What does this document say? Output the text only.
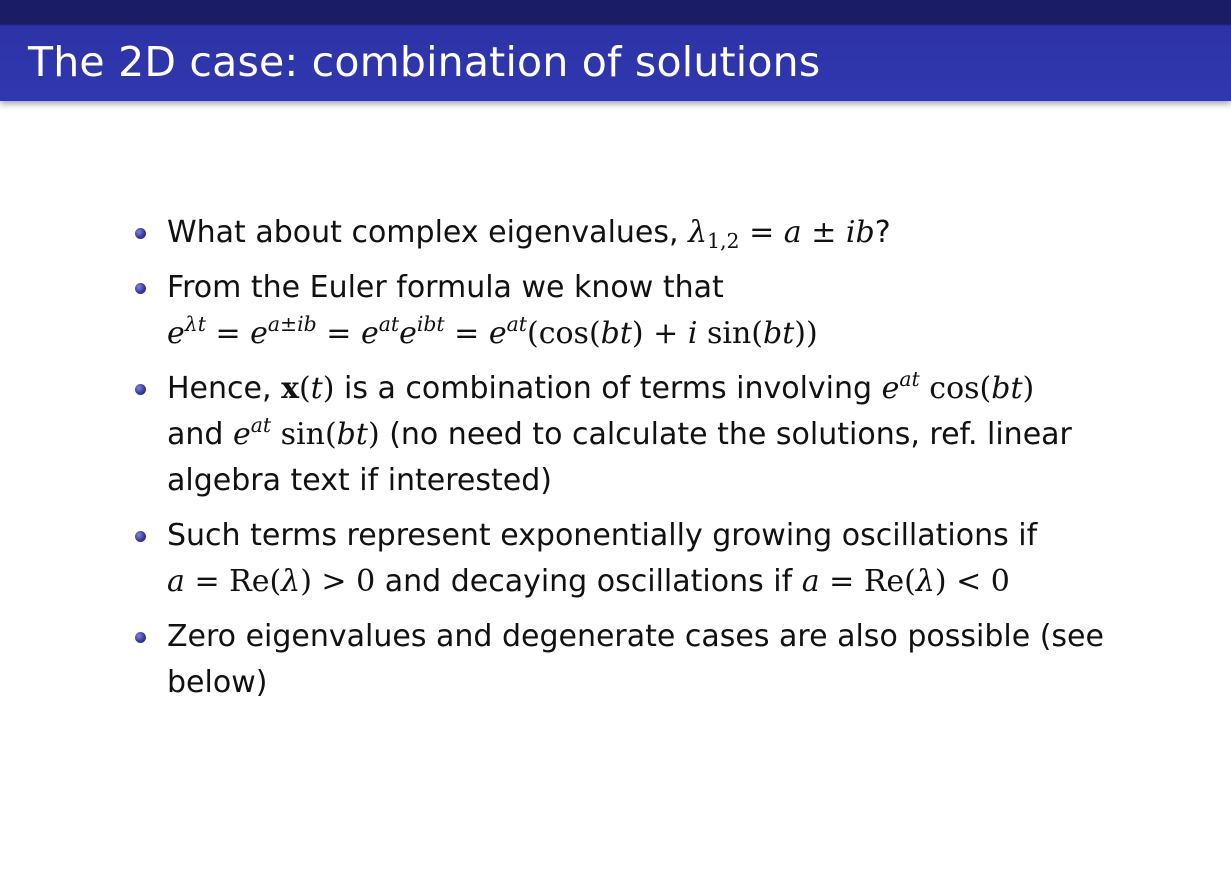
The 2D case: combination of solutions
What about complex eigenvalues, $\lambda_{1,2} = a$ ± ib?
From the Euler formula we know that
$e^{\lambda t} = e^{a\pm ib} = e^{at}e^{ibt} = e^{at}(\cos(bt) + i$ sin(bt))
Hence, x(t) is a combination of terms involving $e^{at}$ cos(bt)
and $e^{at}$ sin(bt) (no need to calculate the solutions, ref. linear
algebra text if interested)
Such terms represent exponentially growing oscillations if
a = Re(λ) > 0 and decaying oscillations if a = Re(λ) < 0
Zero eigenvalues and degenerate cases are also possible (see
below)
